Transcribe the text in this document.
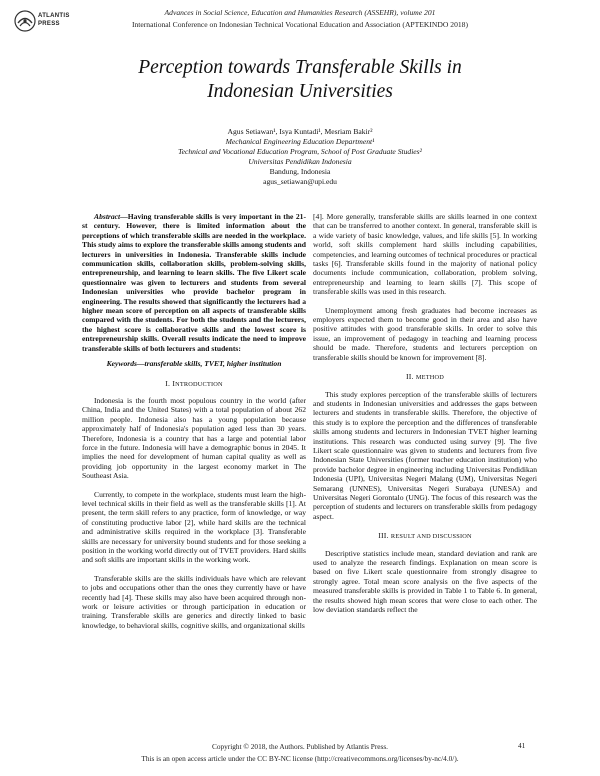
ATLANTIS
PRESS
Advances in Social Science, Education and Humanities Research (ASSEHR), volume 201
International Conference on Indonesian Technical Vocational Education and Association (APTEKINDO 2018)
Perception towards Transferable Skills in
Indonesian Universities
Agus Setiawan¹, Isya Kuntadi¹, Mesriam Bakir²
Mechanical Engineering Education Department¹
Technical and Vocational Education Program, School of Post Graduate Studies²
Universitas Pendidikan Indonesia
Bandung, Indonesia
agus_setiawan@upi.edu

Abstract—Having transferable skills is very important in the 21-st century. However, there is limited information about the perceptions of which transferable skills are needed in the workplace. This study aims to explore the transferable skills among students and lecturers in universities in Indonesia. Transferable skills include communication skills, collaboration skills, problem-solving skills, entrepreneurship, and learning to learn skills. The five Likert scale questionnaire was given to lecturers and students from several Indonesian universities who provide bachelor program in engineering. The results showed that significantly the lecturers had a higher mean score of perception on all aspects of transferable skills compared with the students. For both the students and the lecturers, the highest score is collaborative skills and the lowest score is entrepreneurship skills. Overall results indicate the need to improve transferable skills of both lecturers and students:

Keywords—transferable skills, TVET, higher institution

I. INTRODUCTION

Indonesia is the fourth most populous country in the world (after China, India and the United States) with a total population of about 262 million people. Indonesia also has a young population because approximately half of Indonesia's population aged less than 30 years. Therefore, Indonesia is a country that has a large and potential labor force in the future. Indonesia will have a demographic bonus in 2045. It implies the need for development of human capital quality as well as providing job opportunity in the largest economy market in The Southeast Asia.

Currently, to compete in the workplace, students must learn the high-level technical skills in their field as well as the transferable skills [1]. At present, the term skill refers to any practice, form of knowledge, or way of constituting productive labor [2], while hard skills are the technical and administrative skills required in the workplace [3]. Transferable skills are necessary for university bound students and for those seeking a position in the working world directly out of TVET providers. Hard skills and soft skills are important skills in the working work.

Transferable skills are the skills individuals have which are relevant to jobs and occupations other than the ones they currently have or have recently had [4]. These skills may also have been acquired through non-work or leisure activities or through participation in education or training. Transferable skills are generics and directly linked to basic knowledge, to behavioral skills, cognitive skills, and organizational skills

[4]. More generally, transferable skills are skills learned in one context that can be transferred to another context. In general, transferable skill is a wide variety of basic knowledge, values, and life skills [5]. In working world, soft skills complement hard skills including capabilities, competencies, and learning outcomes of technical procedures or practical tasks [6]. Transferable skills found in the majority of national policy documents include communication, collaboration, problem solving, entrepreneurship and learning to learn skills [7]. This scope of transferable skills was used in this research.

Unemployment among fresh graduates had become increases as employers expected them to become good in their area and also have positive attitudes with good transferable skills. In order to solve this issue, an improvement of pedagogy in teaching and learning process should be made. Therefore, students and lecturers perception on transferable skills should be known for improvement [8].

II. METHOD

This study explores perception of the transferable skills of lecturers and students in Indonesian universities and addresses the gaps between lecturers and students in transferable skills. Therefore, the objective of this study is to explore the perception and the differences of transferable skills among students and lecturers in Indonesian TVET higher learning institutions. This research was conducted using survey [9]. The five Likert scale questionnaire was given to students and lecturers from five Indonesian State Universities (former teacher education institution) who provide bachelor degree in engineering including Universitas Pendidikan Indonesia (UPI), Universitas Negeri Malang (UM), Universitas Negeri Semarang (UNNES), Universitas Negeri Surabaya (UNESA) and Universitas Negeri Gorontalo (UNG). The focus of this research was the perception of students and lecturers on transferable skills from pedagogy aspect.

III. RESULT AND DISCUSSION

Descriptive statistics include mean, standard deviation and rank are used to analyze the research findings. Explanation on mean score is based on five Likert scale questionnaire from strongly disagree to strongly agree. Total mean score analysis on the five aspects of the measured transferable skills is provided in Table 1 to Table 6. In general, the results showed high mean scores that were close to each other. The low deviation standards reflect the

Copyright © 2018, the Authors. Published by Atlantis Press.
This is an open access article under the CC BY-NC license (http://creativecommons.org/licenses/by-nc/4.0/).
41
